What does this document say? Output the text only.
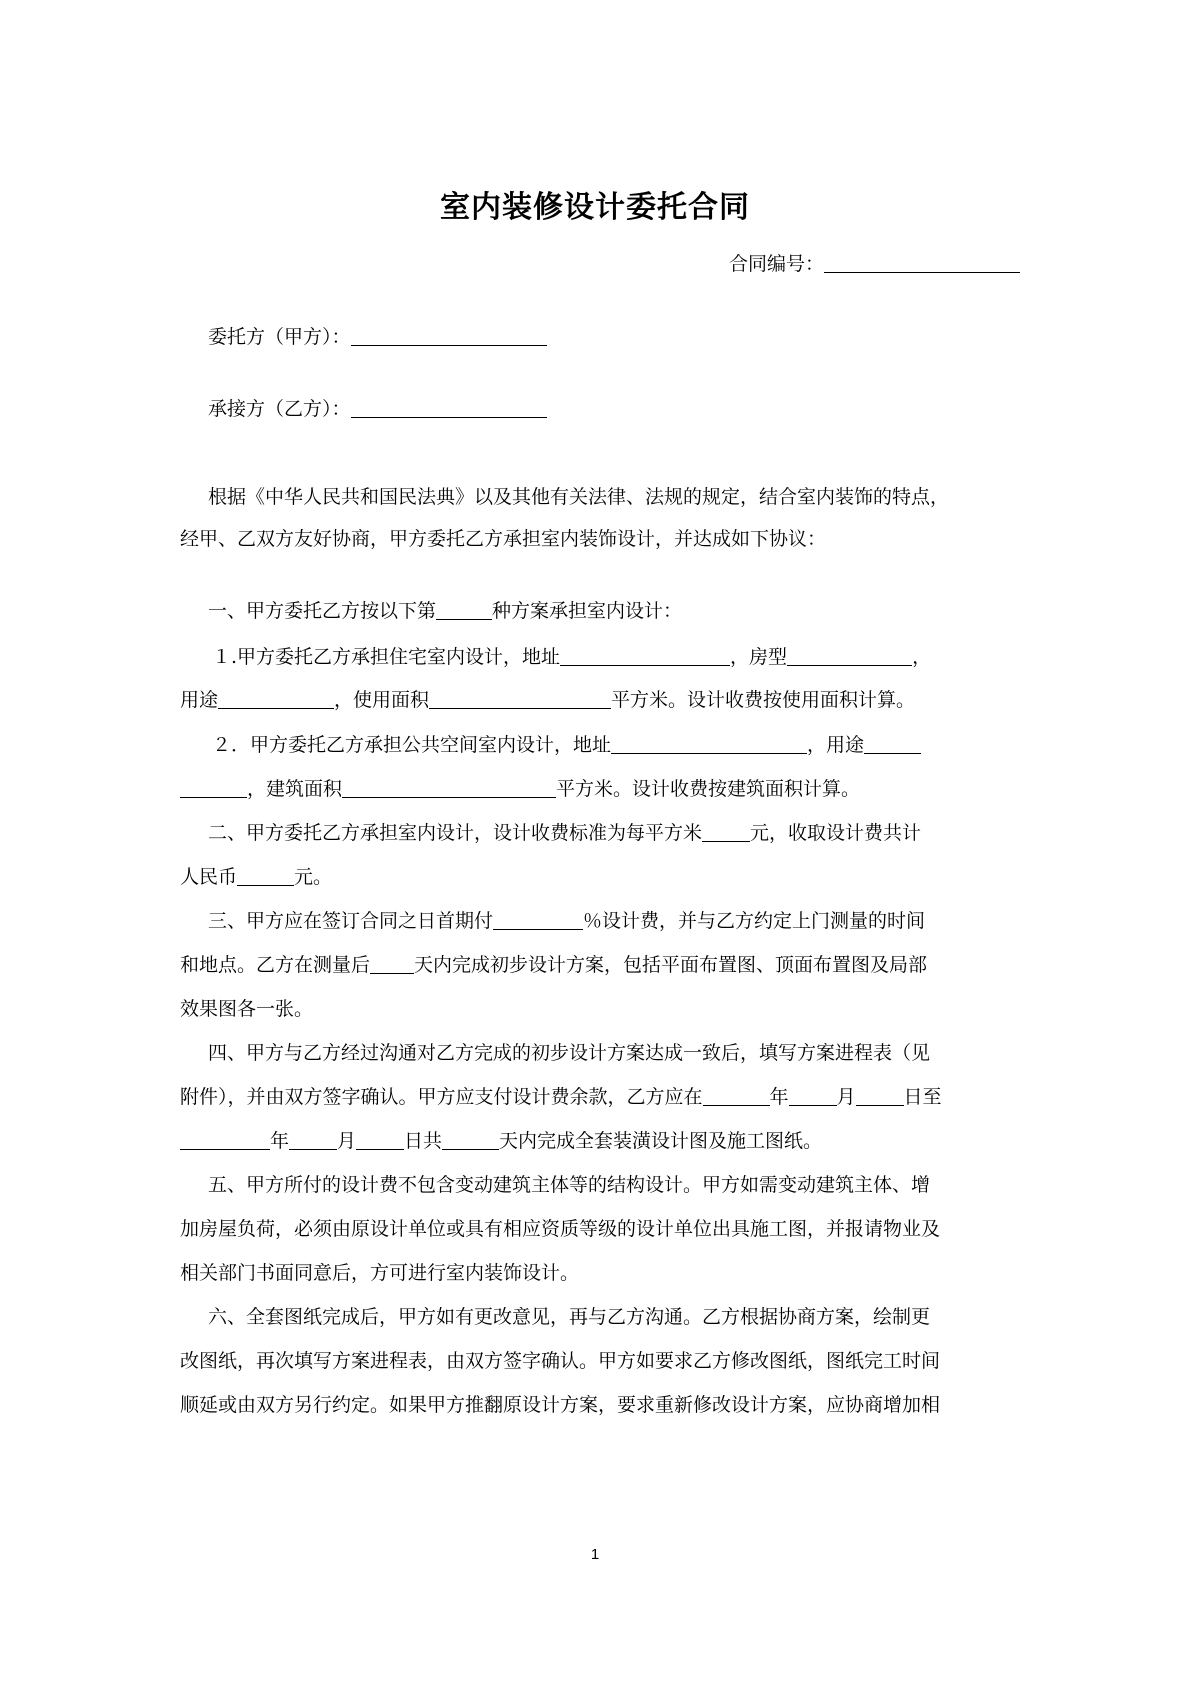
室内装修设计委托合同
合同编号：
委托方（甲方）：
承接方（乙方）：
根据《中华人民共和国民法典》以及其他有关法律、法规的规定，结合室内装饰的特点，
经甲、乙双方友好协商，甲方委托乙方承担室内装饰设计，并达成如下协议：
一、甲方委托乙方按以下第	种方案承担室内设计：
１.甲方委托乙方承担住宅室内设计，地址	，房型	，
用途	，使用面积	平方米。设计收费按使用面积计算。
２．甲方委托乙方承担公共空间室内设计，地址	，用途
，建筑面积	平方米。设计收费按建筑面积计算。
二、甲方委托乙方承担室内设计，设计收费标准为每平方米	元，收取设计费共计
人民币	元。
三、甲方应在签订合同之日首期付	％设计费，并与乙方约定上门测量的时间
和地点。乙方在测量后 天内完成初步设计方案，包括平面布置图、顶面布置图及局部
效果图各一张。
四、甲方与乙方经过沟通对乙方完成的初步设计方案达成一致后，填写方案进程表（见
附件），并由双方签字确认。甲方应支付设计费余款，乙方应在	年	月	日至
年	月	日共	天内完成全套装潢设计图及施工图纸。
五、甲方所付的设计费不包含变动建筑主体等的结构设计。甲方如需变动建筑主体、增
加房屋负荷，必须由原设计单位或具有相应资质等级的设计单位出具施工图，并报请物业及
相关部门书面同意后，方可进行室内装饰设计。
六、全套图纸完成后，甲方如有更改意见，再与乙方沟通。乙方根据协商方案，绘制更
改图纸，再次填写方案进程表，由双方签字确认。甲方如要求乙方修改图纸，图纸完工时间
顺延或由双方另行约定。如果甲方推翻原设计方案，要求重新修改设计方案，应协商增加相
1
